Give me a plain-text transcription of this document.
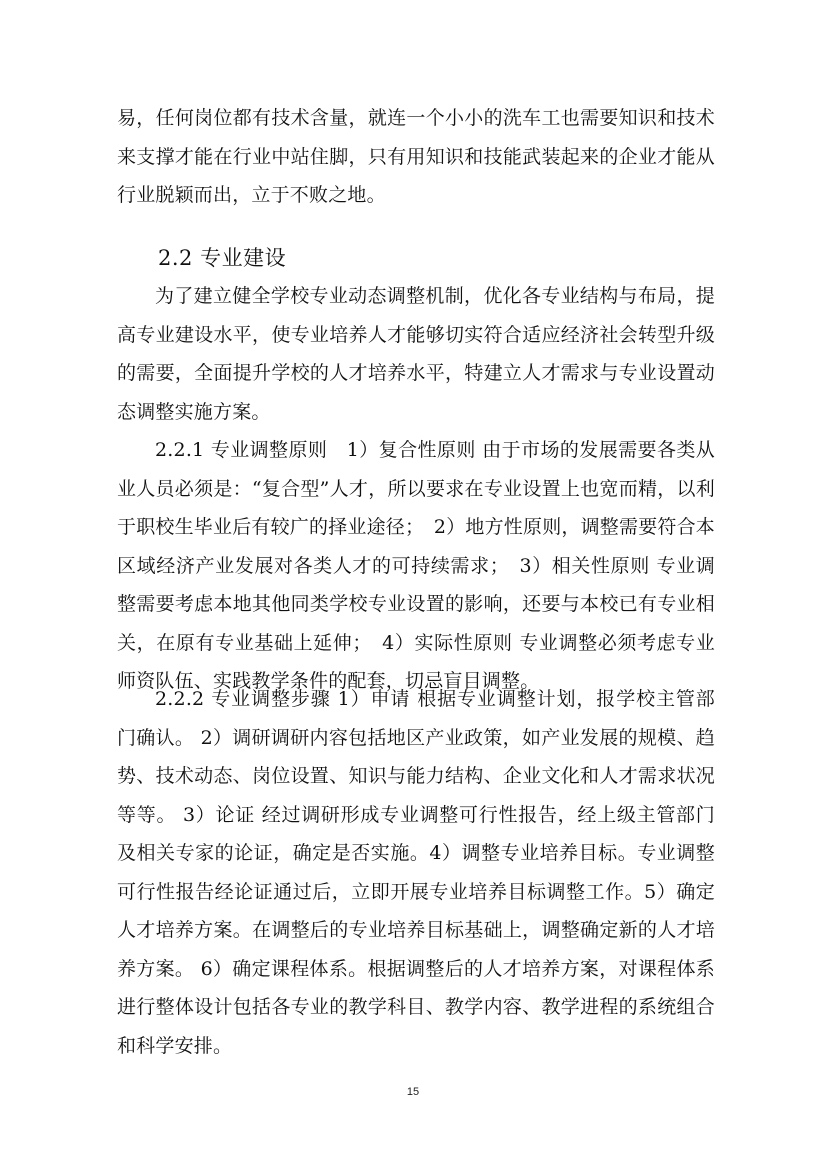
易，任何岗位都有技术含量，就连一个小小的洗车工也需要知识和技术来支撑才能在行业中站住脚，只有用知识和技能武装起来的企业才能从行业脱颖而出，立于不败之地。

2.2 专业建设

为了建立健全学校专业动态调整机制，优化各专业结构与布局，提高专业建设水平，使专业培养人才能够切实符合适应经济社会转型升级的需要，全面提升学校的人才培养水平，特建立人才需求与专业设置动态调整实施方案。

2.2.1 专业调整原则　1）复合性原则 由于市场的发展需要各类从业人员必须是：“复合型”人才，所以要求在专业设置上也宽而精，以利于职校生毕业后有较广的择业途径；　2）地方性原则，调整需要符合本区域经济产业发展对各类人才的可持续需求；　3）相关性原则 专业调整需要考虑本地其他同类学校专业设置的影响，还要与本校已有专业相关，在原有专业基础上延伸；　4）实际性原则 专业调整必须考虑专业师资队伍、实践教学条件的配套，切忌盲目调整。

2.2.2 专业调整步骤 1）申请 根据专业调整计划，报学校主管部门确认。 2）调研调研内容包括地区产业政策，如产业发展的规模、趋势、技术动态、岗位设置、知识与能力结构、企业文化和人才需求状况等等。 3）论证 经过调研形成专业调整可行性报告，经上级主管部门及相关专家的论证，确定是否实施。4）调整专业培养目标。专业调整可行性报告经论证通过后，立即开展专业培养目标调整工作。5）确定人才培养方案。在调整后的专业培养目标基础上，调整确定新的人才培养方案。 6）确定课程体系。根据调整后的人才培养方案，对课程体系进行整体设计包括各专业的教学科目、教学内容、教学进程的系统组合和科学安排。

15
